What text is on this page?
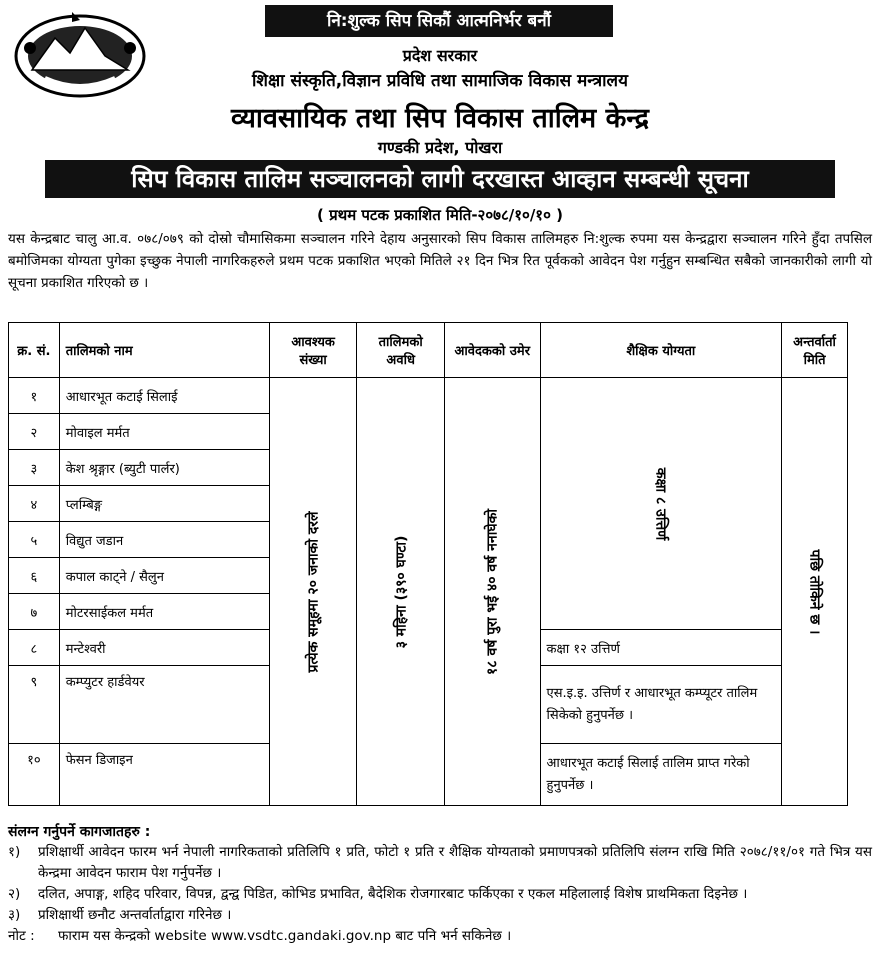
नि:शुल्क सिप सिकौं आत्मनिर्भर बनौं
प्रदेश सरकार
शिक्षा संस्कृति,विज्ञान प्रविधि तथा सामाजिक विकास मन्त्रालय
व्यावसायिक तथा सिप विकास तालिम केन्द्र
गण्डकी प्रदेश, पोखरा
सिप विकास तालिम सञ्चालनको लागी दरखास्त आव्हान सम्बन्धी सूचना
( प्रथम पटक प्रकाशित मिति-२०७८/१०/१० )
यस केन्द्रबाट चालु आ.व. ०७८/०७९ को दोस्रो चौमासिकमा सञ्चालन गरिने देहाय अनुसारको सिप विकास तालिमहरु नि:शुल्क रुपमा यस केन्द्रद्वारा सञ्चालन गरिने हुँदा तपसिल बमोजिमका योग्यता पुगेका इच्छुक नेपाली नागरिकहरुले प्रथम पटक प्रकाशित भएको मितिले २१ दिन भित्र रित पूर्वकको आवेदन पेश गर्नुहुन सम्बन्धित सबैको जानकारीको लागी यो सूचना प्रकाशित गरिएको छ ।
क्र. सं.	तालिमको नाम	आवश्यक संख्या	तालिमको अवधि	आवेदकको उमेर	शैक्षिक योग्यता	अन्तर्वार्ता मिति
१	आधारभूत कटाई सिलाई	प्रत्येक समूहमा २० जनाको दरले	३ महिना (३९० घण्टा)	१८ वर्ष पुरा भई ४० वर्ष ननाघेको	कक्षा ८ उत्तिर्ण	पछि तोकिने छ ।

२	मोवाइल मर्मत					
३	केश श्रृङ्गार (ब्युटी पार्लर)					
४	प्लम्बिङ्ग					
५	विद्युत जडान					
६	कपाल काट्ने / सैलुन					
७	मोटरसाईकल मर्मत					
८	मन्टेश्वरी				कक्षा १२ उत्तिर्ण	
९	कम्प्युटर हार्डवेयर				एस.इ.इ. उत्तिर्ण र आधारभूत कम्प्यूटर तालिम सिकेको हुनुपर्नेछ ।	
१०	फेसन डिजाइन				आधारभूत कटाई सिलाई तालिम प्राप्त गरेको हुनुपर्नेछ ।	
संलग्न गर्नुपर्ने कागजातहरु :
१)	प्रशिक्षार्थी आवेदन फारम भर्न नेपाली नागरिकताको प्रतिलिपि १ प्रति, फोटो १ प्रति र शैक्षिक योग्यताको प्रमाणपत्रको प्रतिलिपि संलग्न राखि मिति २०७८/११/०१ गते भित्र यस केन्द्रमा आवेदन फाराम पेश गर्नुपर्नेछ ।
२)	दलित, अपाङ्ग, शहिद परिवार, विपन्न, द्वन्द्व पिडित, कोभिड प्रभावित, बैदेशिक रोजगारबाट फर्किएका र एकल महिलालाई विशेष प्राथमिकता दिइनेछ ।
३)	प्रशिक्षार्थी छनौट अन्तर्वार्ताद्वारा गरिनेछ ।
नोट :	फाराम यस केन्द्रको website www.vsdtc.gandaki.gov.np बाट पनि भर्न सकिनेछ ।
